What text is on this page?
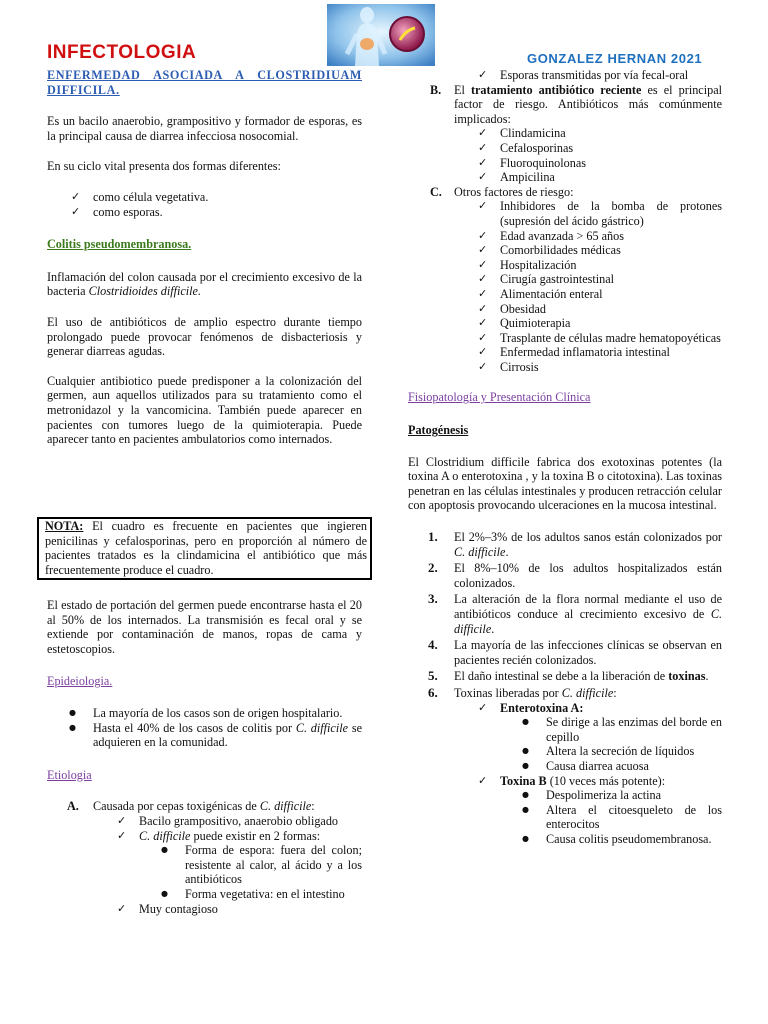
INFECTOLOGIA	GONZALEZ HERNAN 2021

ENFERMEDAD ASOCIADA A CLOSTRIDIUAM DIFFICILA.

Es un bacilo anaerobio, grampositivo y formador de esporas, es la principal causa de diarrea infecciosa nosocomial.

En su ciclo vital presenta dos formas diferentes:

✓ como célula vegetativa.
✓ como esporas.

Colitis pseudomembranosa.

Inflamación del colon causada por el crecimiento excesivo de la bacteria Clostridioides difficile.

El uso de antibióticos de amplio espectro durante tiempo prolongado puede provocar fenómenos de disbacteriosis y generar diarreas agudas.

Cualquier antibiotico puede predisponer a la colonización del germen, aun aquellos utilizados para su tratamiento como el metronidazol y la vancomicina. También puede aparecer en pacientes con tumores luego de la quimioterapia. Puede aparecer tanto en pacientes ambulatorios como internados.

NOTA: El cuadro es frecuente en pacientes que ingieren penicilinas y cefalosporinas, pero en proporción al número de pacientes tratados es la clindamicina el antibiótico que más frecuentemente produce el cuadro.

El estado de portación del germen puede encontrarse hasta el 20 al 50% de los internados. La transmisión es fecal oral y se extiende por contaminación de manos, ropas de cama y estetoscopios.

Epideiologia.

● La mayoría de los casos son de origen hospitalario.
● Hasta el 40% de los casos de colitis por C. difficile se adquieren en la comunidad.

Etiologia

A. Causada por cepas toxigénicas de C. difficile:
✓ Bacilo grampositivo, anaerobio obligado
✓ C. difficile puede existir en 2 formas:
● Forma de espora: fuera del colon; resistente al calor, al ácido y a los antibióticos
● Forma vegetativa: en el intestino
✓ Muy contagioso
✓ Esporas transmitidas por vía fecal-oral
B. El tratamiento antibiótico reciente es el principal factor de riesgo. Antibióticos más comúnmente implicados:

✓ Clindamicina
✓ Cefalosporinas
✓ Fluoroquinolonas
✓ Ampicilina
C. Otros factores de riesgo:
✓ Inhibidores de la bomba de protones (supresión del ácido gástrico)
✓ Edad avanzada > 65 años
✓ Comorbilidades médicas
✓ Hospitalización
✓ Cirugía gastrointestinal
✓ Alimentación enteral
✓ Obesidad
✓ Quimioterapia
✓ Trasplante de células madre hematopoyéticas
✓ Enfermedad inflamatoria intestinal
✓ Cirrosis

Fisiopatología y Presentación Clínica

Patogénesis

El Clostridium difficile fabrica dos exotoxinas potentes (la toxina A o enterotoxina , y la toxina B o citotoxina). Las toxinas penetran en las células intestinales y producen retracción celular con apoptosis provocando ulceraciones en la mucosa intestinal.

1. El 2%–3% de los adultos sanos están colonizados por C. difficile.
2. El 8%–10% de los adultos hospitalizados están colonizados.
3. La alteración de la flora normal mediante el uso de antibióticos conduce al crecimiento excesivo de C. difficile.
4. La mayoría de las infecciones clínicas se observan en pacientes recién colonizados.
5. El daño intestinal se debe a la liberación de toxinas.
6. Toxinas liberadas por C. difficile:
✓ Enterotoxina A:
● Se dirige a las enzimas del borde en cepillo
● Altera la secreción de líquidos
● Causa diarrea acuosa
✓ Toxina B (10 veces más potente):
● Despolimeriza la actina
● Altera el citoesqueleto de los enterocitos
● Causa colitis pseudomembranosa.
